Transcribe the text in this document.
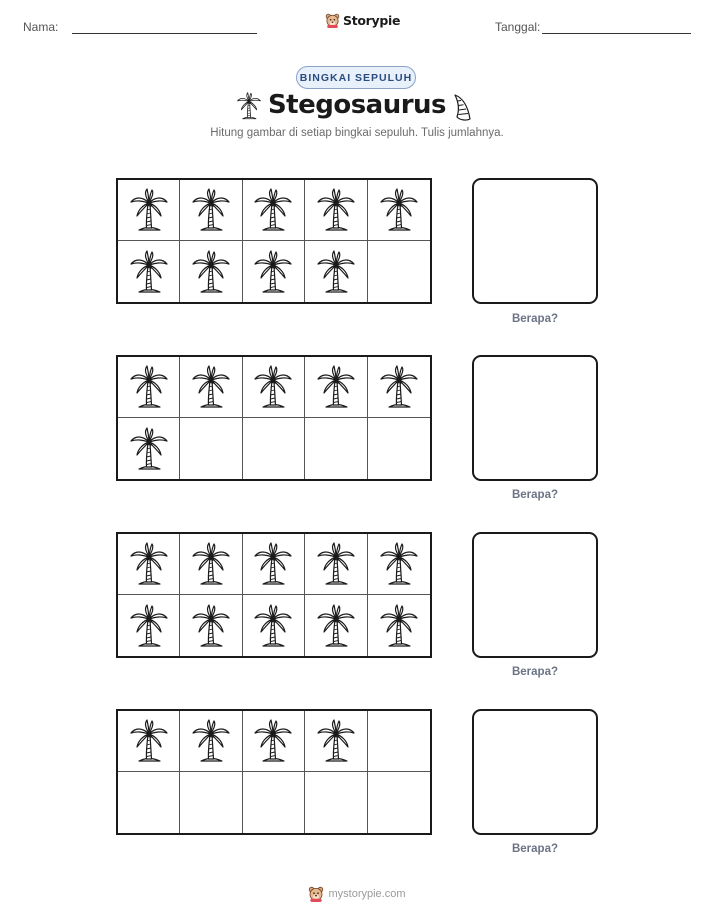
Nama:	Storypie	Tanggal:
BINGKAI SEPULUH
Stegosaurus
Hitung gambar di setiap bingkai sepuluh. Tulis jumlahnya.
Berapa?
Berapa?
Berapa?
Berapa?
mystorypie.com
